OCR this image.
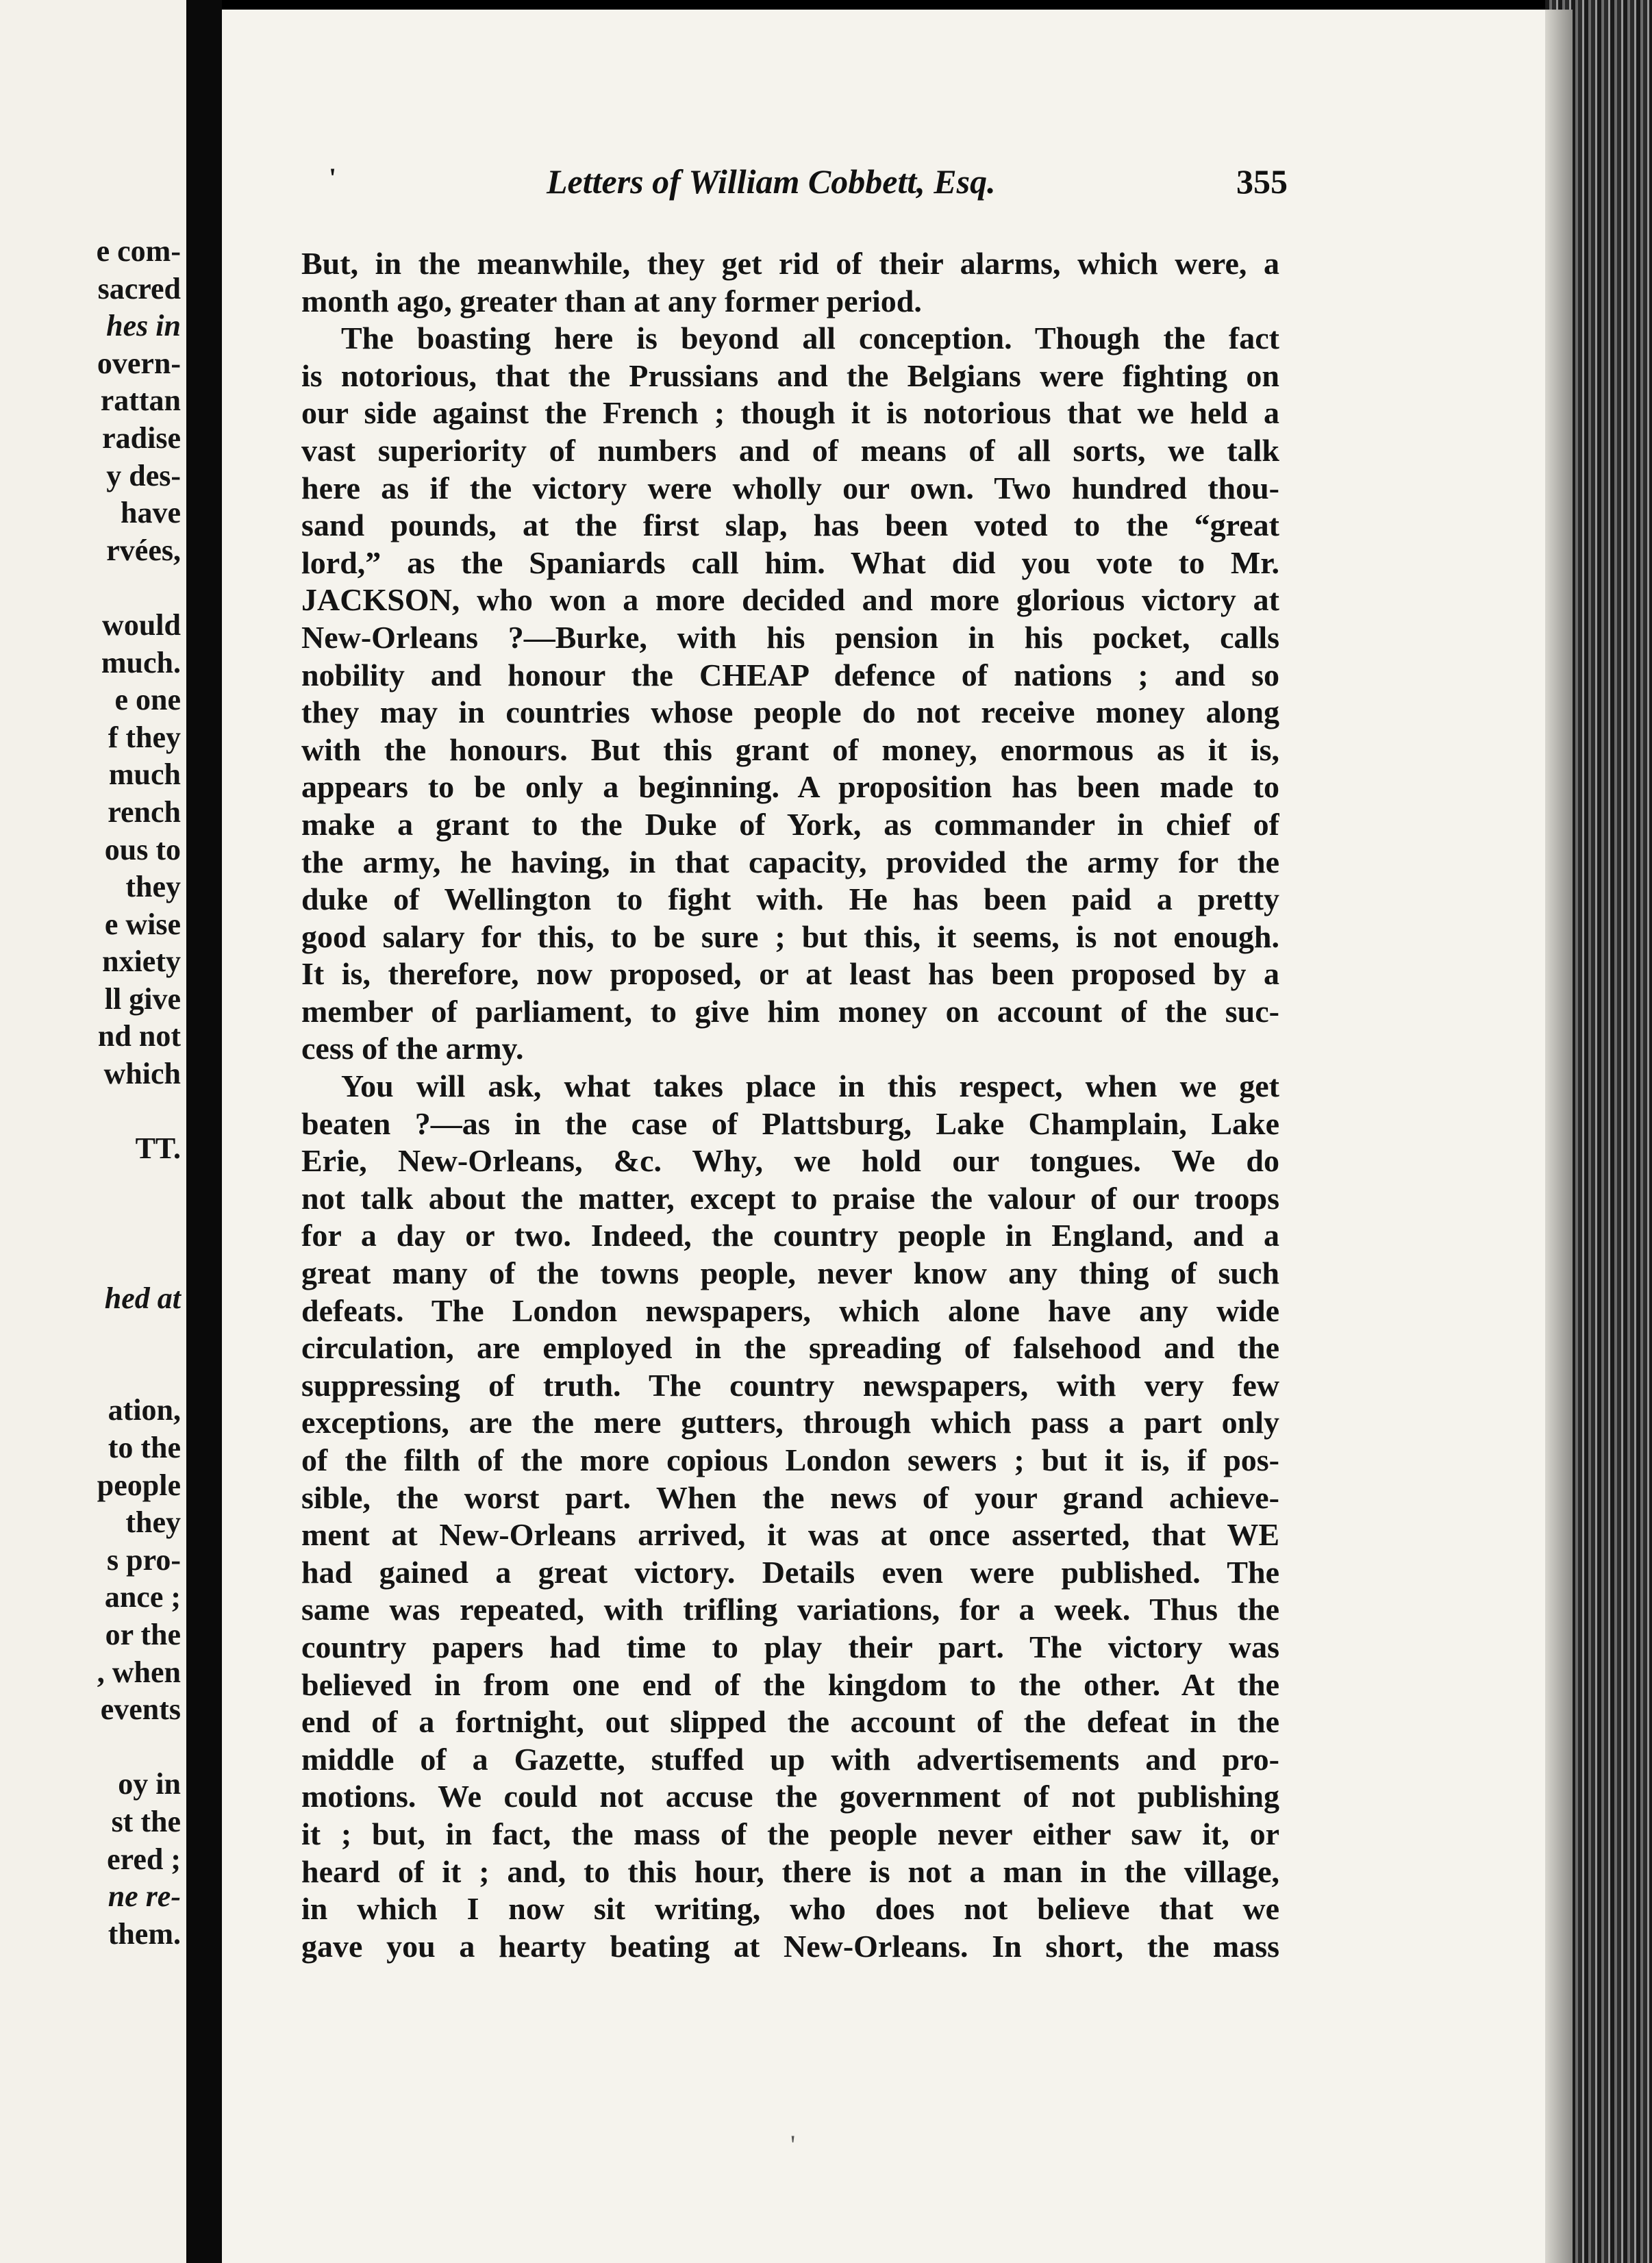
e com-
sacred
hes in
overn-
rattan
radise
y des-
have
rvées,
would
much.
e one
f they
much
rench
ous to
they
e wise
nxiety
ll give
nd not
which
TT.
hed at
ation,
to the
people
they
s pro-
ance ;
or the
, when
events
oy in
st the
ered ;
ne re-
them.
'	Letters of William Cobbett, Esq.	355
But, in the meanwhile, they get rid of their alarms, which were, a
month ago, greater than at any former period.
The boasting here is beyond all conception. Though the fact
is notorious, that the Prussians and the Belgians were fighting on
our side against the French ; though it is notorious that we held a
vast superiority of numbers and of means of all sorts, we talk
here as if the victory were wholly our own. Two hundred thou-
sand pounds, at the first slap, has been voted to the “great
lord,” as the Spaniards call him. What did you vote to Mr.
JACKSON, who won a more decided and more glorious victory at
New-Orleans ?—Burke, with his pension in his pocket, calls
nobility and honour the CHEAP defence of nations ; and so
they may in countries whose people do not receive money along
with the honours. But this grant of money, enormous as it is,
appears to be only a beginning. A proposition has been made to
make a grant to the Duke of York, as commander in chief of
the army, he having, in that capacity, provided the army for the
duke of Wellington to fight with. He has been paid a pretty
good salary for this, to be sure ; but this, it seems, is not enough.
It is, therefore, now proposed, or at least has been proposed by a
member of parliament, to give him money on account of the suc-
cess of the army.
You will ask, what takes place in this respect, when we get
beaten ?—as in the case of Plattsburg, Lake Champlain, Lake
Erie, New-Orleans, &c. Why, we hold our tongues. We do
not talk about the matter, except to praise the valour of our troops
for a day or two. Indeed, the country people in England, and a
great many of the towns people, never know any thing of such
defeats. The London newspapers, which alone have any wide
circulation, are employed in the spreading of falsehood and the
suppressing of truth. The country newspapers, with very few
exceptions, are the mere gutters, through which pass a part only
of the filth of the more copious London sewers ; but it is, if pos-
sible, the worst part. When the news of your grand achieve-
ment at New-Orleans arrived, it was at once asserted, that WE
had gained a great victory. Details even were published. The
same was repeated, with trifling variations, for a week. Thus the
country papers had time to play their part. The victory was
believed in from one end of the kingdom to the other. At the
end of a fortnight, out slipped the account of the defeat in the
middle of a Gazette, stuffed up with advertisements and pro-
motions. We could not accuse the government of not publishing
it ; but, in fact, the mass of the people never either saw it, or
heard of it ; and, to this hour, there is not a man in the village,
in which I now sit writing, who does not believe that we
gave you a hearty beating at New-Orleans. In short, the mass
'
